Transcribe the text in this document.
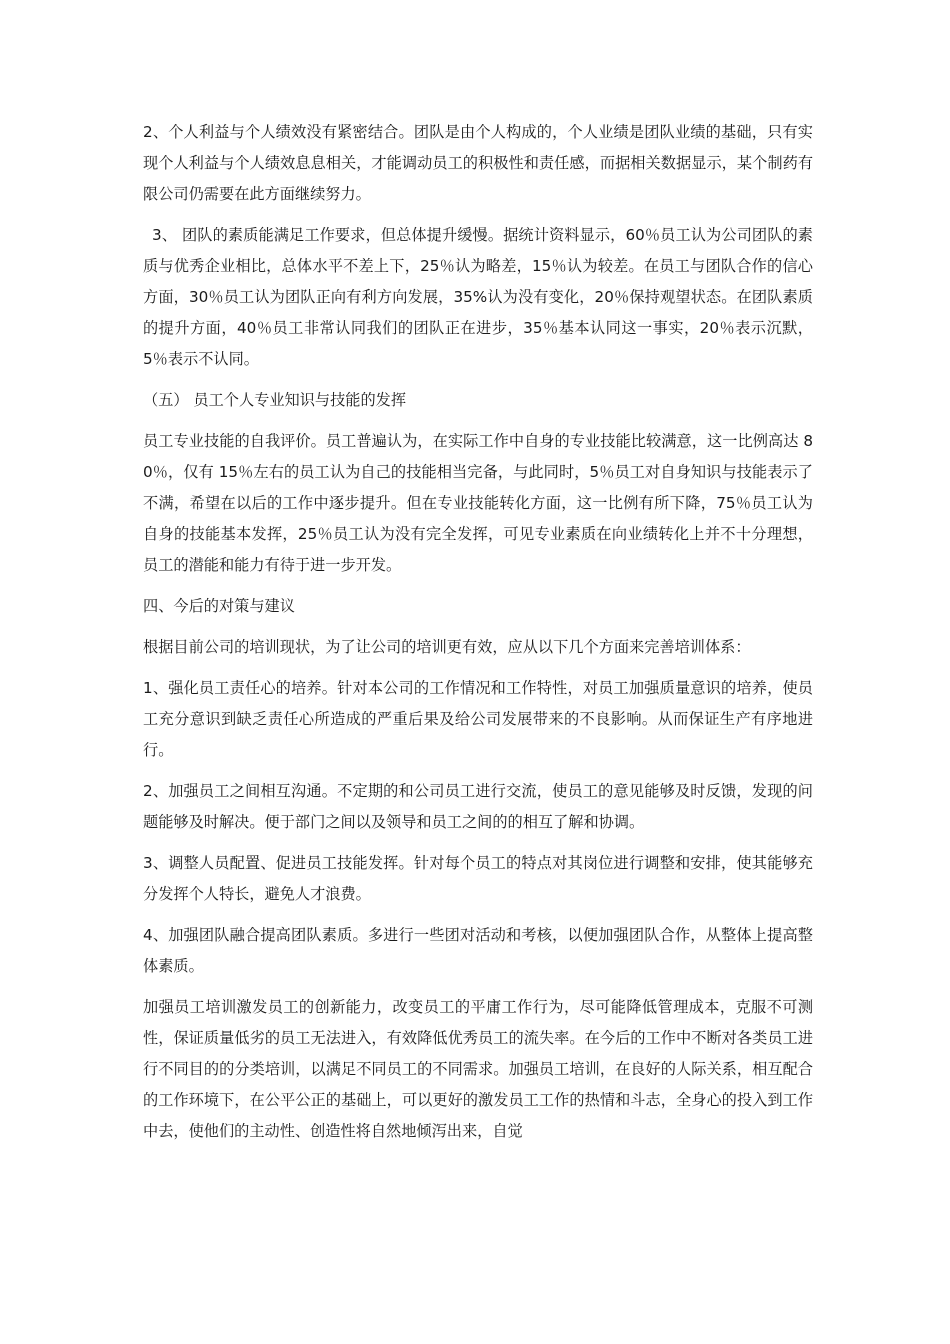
2、个人利益与个人绩效没有紧密结合。团队是由个人构成的，个人业绩是团队业绩的基础，只有实现个人利益与个人绩效息息相关，才能调动员工的积极性和责任感，而据相关数据显示，某个制药有限公司仍需要在此方面继续努力。

3、 团队的素质能满足工作要求，但总体提升缓慢。据统计资料显示，60％员工认为公司团队的素质与优秀企业相比，总体水平不差上下，25％认为略差，15％认为较差。在员工与团队合作的信心方面，30％员工认为团队正向有利方向发展，35%认为没有变化，20％保持观望状态。在团队素质的提升方面，40％员工非常认同我们的团队正在进步，35％基本认同这一事实，20％表示沉默，5％表示不认同。

（五） 员工个人专业知识与技能的发挥

员工专业技能的自我评价。员工普遍认为，在实际工作中自身的专业技能比较满意，这一比例高达 80％，仅有 15％左右的员工认为自己的技能相当完备，与此同时，5％员工对自身知识与技能表示了不满，希望在以后的工作中逐步提升。但在专业技能转化方面，这一比例有所下降，75％员工认为自身的技能基本发挥，25％员工认为没有完全发挥，可见专业素质在向业绩转化上并不十分理想，员工的潜能和能力有待于进一步开发。

四、今后的对策与建议

根据目前公司的培训现状，为了让公司的培训更有效，应从以下几个方面来完善培训体系：

1、强化员工责任心的培养。针对本公司的工作情况和工作特性，对员工加强质量意识的培养，使员工充分意识到缺乏责任心所造成的严重后果及给公司发展带来的不良影响。从而保证生产有序地进行。

2、加强员工之间相互沟通。不定期的和公司员工进行交流，使员工的意见能够及时反馈，发现的问题能够及时解决。便于部门之间以及领导和员工之间的的相互了解和协调。

3、调整人员配置、促进员工技能发挥。针对每个员工的特点对其岗位进行调整和安排，使其能够充分发挥个人特长，避免人才浪费。

4、加强团队融合提高团队素质。多进行一些团对活动和考核，以便加强团队合作，从整体上提高整体素质。

加强员工培训激发员工的创新能力，改变员工的平庸工作行为，尽可能降低管理成本，克服不可测性，保证质量低劣的员工无法进入，有效降低优秀员工的流失率。在今后的工作中不断对各类员工进行不同目的的分类培训，以满足不同员工的不同需求。加强员工培训，在良好的人际关系，相互配合的工作环境下，在公平公正的基础上，可以更好的激发员工工作的热情和斗志，全身心的投入到工作中去，使他们的主动性、创造性将自然地倾泻出来，自觉
